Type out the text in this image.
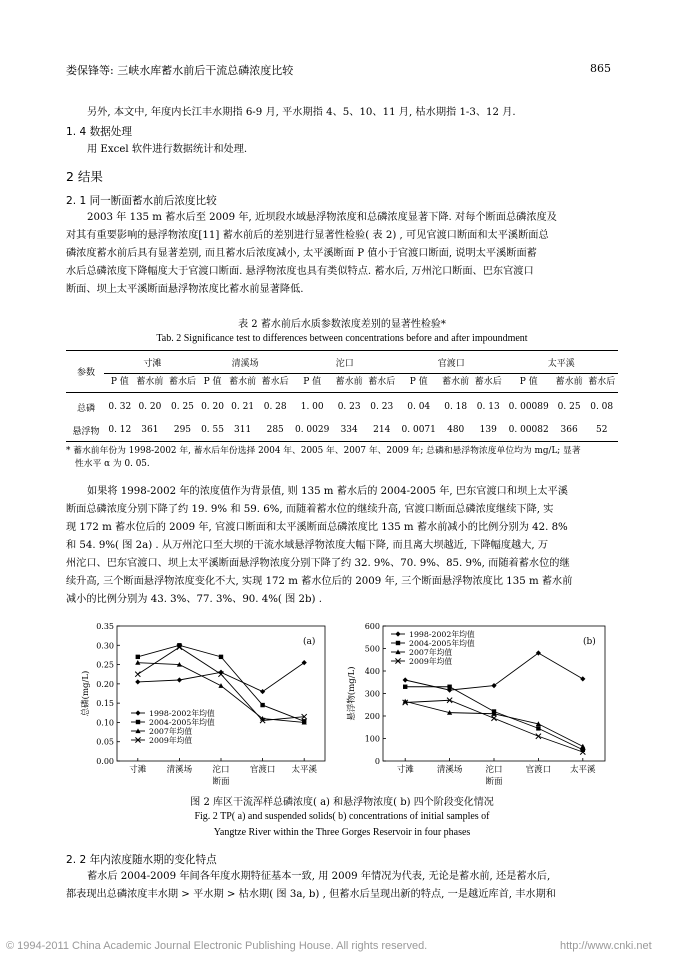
娄保锋等: 三峡水库蓄水前后干流总磷浓度比较	865
另外, 本文中, 年度内长江丰水期指 6-9 月, 平水期指 4、5、10、11 月, 枯水期指 1-3、12 月.
1. 4 数据处理
用 Excel 软件进行数据统计和处理.
2 结果
2. 1 同一断面蓄水前后浓度比较
2003 年 135 m 蓄水后至 2009 年, 近坝段水域悬浮物浓度和总磷浓度显著下降. 对每个断面总磷浓度及
对其有重要影响的悬浮物浓度[11] 蓄水前后的差别进行显著性检验( 表 2) , 可见官渡口断面和太平溪断面总
磷浓度蓄水前后具有显著差别, 而且蓄水后浓度减小, 太平溪断面 P 值小于官渡口断面, 说明太平溪断面蓄
水后总磷浓度下降幅度大于官渡口断面. 悬浮物浓度也具有类似特点. 蓄水后, 万州沱口断面、巴东官渡口
断面、坝上太平溪断面悬浮物浓度比蓄水前显著降低.
表 2 蓄水前后水质参数浓度差别的显著性检验*
Tab. 2 Significance test to differences between concentrations before and after impoundment
参数	寸滩			清溪场			沱口			官渡口			太平溪		
	P 值	蓄水前	蓄水后	P 值	蓄水前	蓄水后	P 值	蓄水前	蓄水后	P 值	蓄水前	蓄水后	P 值	蓄水前	蓄水后

总磷	0. 32	0. 20	0. 25	0. 20	0. 21	0. 28	1. 00	0. 23	0. 23	0. 04	0. 18	0. 13	0. 00089	0. 25	0. 08

悬浮物	0. 12	361	295	0. 55	311	285	0. 0029	334	214	0. 0071	480	139	0. 00082	366	52
* 蓄水前年份为 1998-2002 年, 蓄水后年份选择 2004 年、2005 年、2007 年、2009 年; 总磷和悬浮物浓度单位均为 mg/L; 显著
性水平 α 为 0. 05.
如果将 1998-2002 年的浓度值作为背景值, 则 135 m 蓄水后的 2004-2005 年, 巴东官渡口和坝上太平溪
断面总磷浓度分别下降了约 19. 9% 和 59. 6%, 而随着蓄水位的继续升高, 官渡口断面总磷浓度继续下降, 实
现 172 m 蓄水位后的 2009 年, 官渡口断面和太平溪断面总磷浓度比 135 m 蓄水前减小的比例分别为 42. 8%
和 54. 9%( 图 2a) . 从万州沱口至大坝的干流水域悬浮物浓度大幅下降, 而且离大坝越近, 下降幅度越大, 万
州沱口、巴东官渡口、坝上太平溪断面悬浮物浓度分别下降了约 32. 9%、70. 9%、85. 9%, 而随着蓄水位的继
续升高, 三个断面悬浮物浓度变化不大, 实现 172 m 蓄水位后的 2009 年, 三个断面悬浮物浓度比 135 m 蓄水前
减小的比例分别为 43. 3%、77. 3%、90. 4%( 图 2b) .
0.00
0.05
0.10
0.15
0.20
0.25
0.30
0.35
寸滩 清溪场 沱口 官渡口 太平溪
断面
总磷(mg/L)
(a)
1998-2002年均值
2004-2005年均值
2007年均值
2009年均值
0
100
200
300
400
500
600
寸滩	清溪场	沱口	官渡口 太平溪
断面
悬浮物(mg/L)
(b)
1998-2002年均值
2004-2005年均值
2007年均值
2009年均值
图 2 库区干流浑样总磷浓度( a) 和悬浮物浓度( b) 四个阶段变化情况
Fig. 2 TP( a) and suspended solids( b) concentrations of initial samples of
Yangtze River within the Three Gorges Reservoir in four phases
2. 2 年内浓度随水期的变化特点
蓄水后 2004-2009 年间各年度水期特征基本一致, 用 2009 年情况为代表, 无论是蓄水前, 还是蓄水后,
都表现出总磷浓度丰水期 > 平水期 > 枯水期( 图 3a, b) , 但蓄水后呈现出新的特点, 一是越近库首, 丰水期和
© 1994-2011 China Academic Journal Electronic Publishing House. All rights reserved.	http://www.cnki.net
